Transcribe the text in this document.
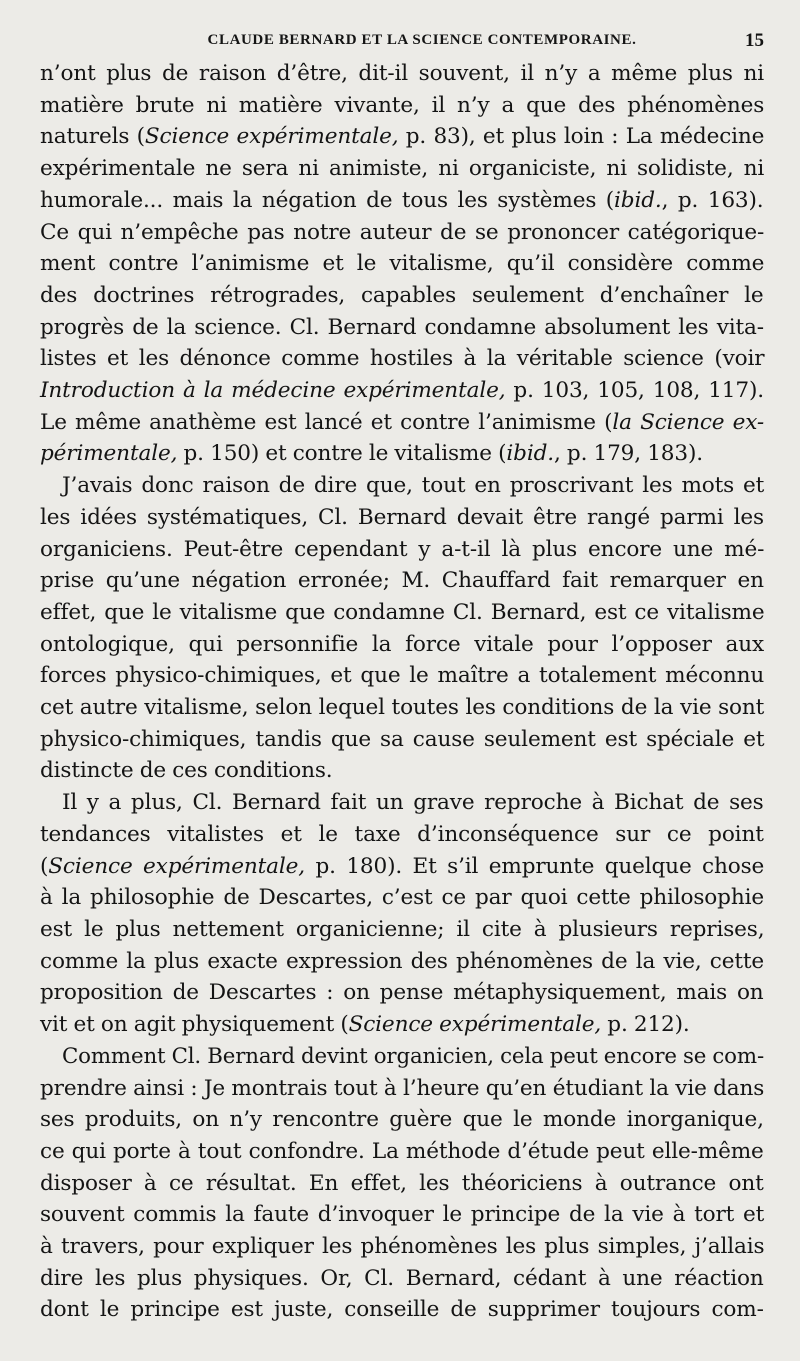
CLAUDE BERNARD ET LA SCIENCE CONTEMPORAINE.	15
n’ont plus de raison d’être, dit-il souvent, il n’y a même plus ni
matière brute ni matière vivante, il n’y a que des phénomènes
naturels (Science expérimentale, p. 83), et plus loin : La médecine
expérimentale ne sera ni animiste, ni organiciste, ni solidiste, ni
humorale... mais la négation de tous les systèmes (ibid., p. 163).
Ce qui n’empêche pas notre auteur de se prononcer catégorique-
ment contre l’animisme et le vitalisme, qu’il considère comme
des doctrines rétrogrades, capables seulement d’enchaîner le
progrès de la science. Cl. Bernard condamne absolument les vita-
listes et les dénonce comme hostiles à la véritable science (voir
Introduction à la médecine expérimentale, p. 103, 105, 108, 117).
Le même anathème est lancé et contre l’animisme (la Science ex-
périmentale, p. 150) et contre le vitalisme (ibid., p. 179, 183).
J’avais donc raison de dire que, tout en proscrivant les mots et
les idées systématiques, Cl. Bernard devait être rangé parmi les
organiciens. Peut-être cependant y a-t-il là plus encore une mé-
prise qu’une négation erronée; M. Chauffard fait remarquer en
effet, que le vitalisme que condamne Cl. Bernard, est ce vitalisme
ontologique, qui personnifie la force vitale pour l’opposer aux
forces physico-chimiques, et que le maître a totalement méconnu
cet autre vitalisme, selon lequel toutes les conditions de la vie sont
physico-chimiques, tandis que sa cause seulement est spéciale et
distincte de ces conditions.
Il y a plus, Cl. Bernard fait un grave reproche à Bichat de ses
tendances vitalistes et le taxe d’inconséquence sur ce point
(Science expérimentale, p. 180). Et s’il emprunte quelque chose
à la philosophie de Descartes, c’est ce par quoi cette philosophie
est le plus nettement organicienne; il cite à plusieurs reprises,
comme la plus exacte expression des phénomènes de la vie, cette
proposition de Descartes : on pense métaphysiquement, mais on
vit et on agit physiquement (Science expérimentale, p. 212).
Comment Cl. Bernard devint organicien, cela peut encore se com-
prendre ainsi : Je montrais tout à l’heure qu’en étudiant la vie dans
ses produits, on n’y rencontre guère que le monde inorganique,
ce qui porte à tout confondre. La méthode d’étude peut elle-même
disposer à ce résultat. En effet, les théoriciens à outrance ont
souvent commis la faute d’invoquer le principe de la vie à tort et
à travers, pour expliquer les phénomènes les plus simples, j’allais
dire les plus physiques. Or, Cl. Bernard, cédant à une réaction
dont le principe est juste, conseille de supprimer toujours com-
